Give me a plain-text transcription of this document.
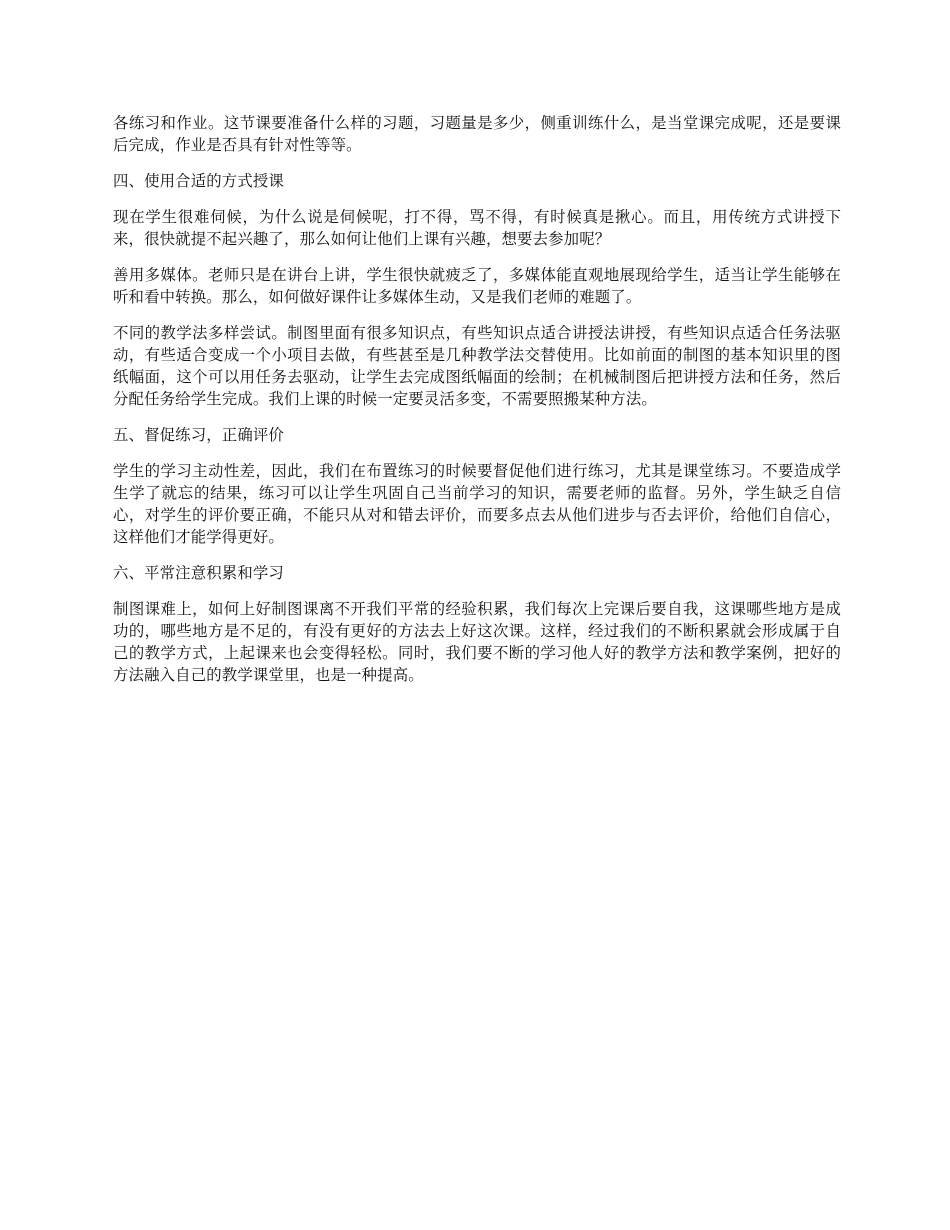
各练习和作业。这节课要准备什么样的习题，习题量是多少，侧重训练什么，是当堂课完成呢，还是要课后完成，作业是否具有针对性等等。

四、使用合适的方式授课

现在学生很难伺候，为什么说是伺候呢，打不得，骂不得，有时候真是揪心。而且，用传统方式讲授下来，很快就提不起兴趣了，那么如何让他们上课有兴趣，想要去参加呢？

善用多媒体。老师只是在讲台上讲，学生很快就疲乏了，多媒体能直观地展现给学生，适当让学生能够在听和看中转换。那么，如何做好课件让多媒体生动，又是我们老师的难题了。

不同的教学法多样尝试。制图里面有很多知识点，有些知识点适合讲授法讲授，有些知识点适合任务法驱动，有些适合变成一个小项目去做，有些甚至是几种教学法交替使用。比如前面的制图的基本知识里的图纸幅面，这个可以用任务去驱动，让学生去完成图纸幅面的绘制；在机械制图后把讲授方法和任务，然后分配任务给学生完成。我们上课的时候一定要灵活多变，不需要照搬某种方法。

五、督促练习，正确评价

学生的学习主动性差，因此，我们在布置练习的时候要督促他们进行练习，尤其是课堂练习。不要造成学生学了就忘的结果，练习可以让学生巩固自己当前学习的知识，需要老师的监督。另外，学生缺乏自信心，对学生的评价要正确，不能只从对和错去评价，而要多点去从他们进步与否去评价，给他们自信心，这样他们才能学得更好。

六、平常注意积累和学习

制图课难上，如何上好制图课离不开我们平常的经验积累，我们每次上完课后要自我，这课哪些地方是成功的，哪些地方是不足的，有没有更好的方法去上好这次课。这样，经过我们的不断积累就会形成属于自己的教学方式，上起课来也会变得轻松。同时，我们要不断的学习他人好的教学方法和教学案例，把好的方法融入自己的教学课堂里，也是一种提高。
